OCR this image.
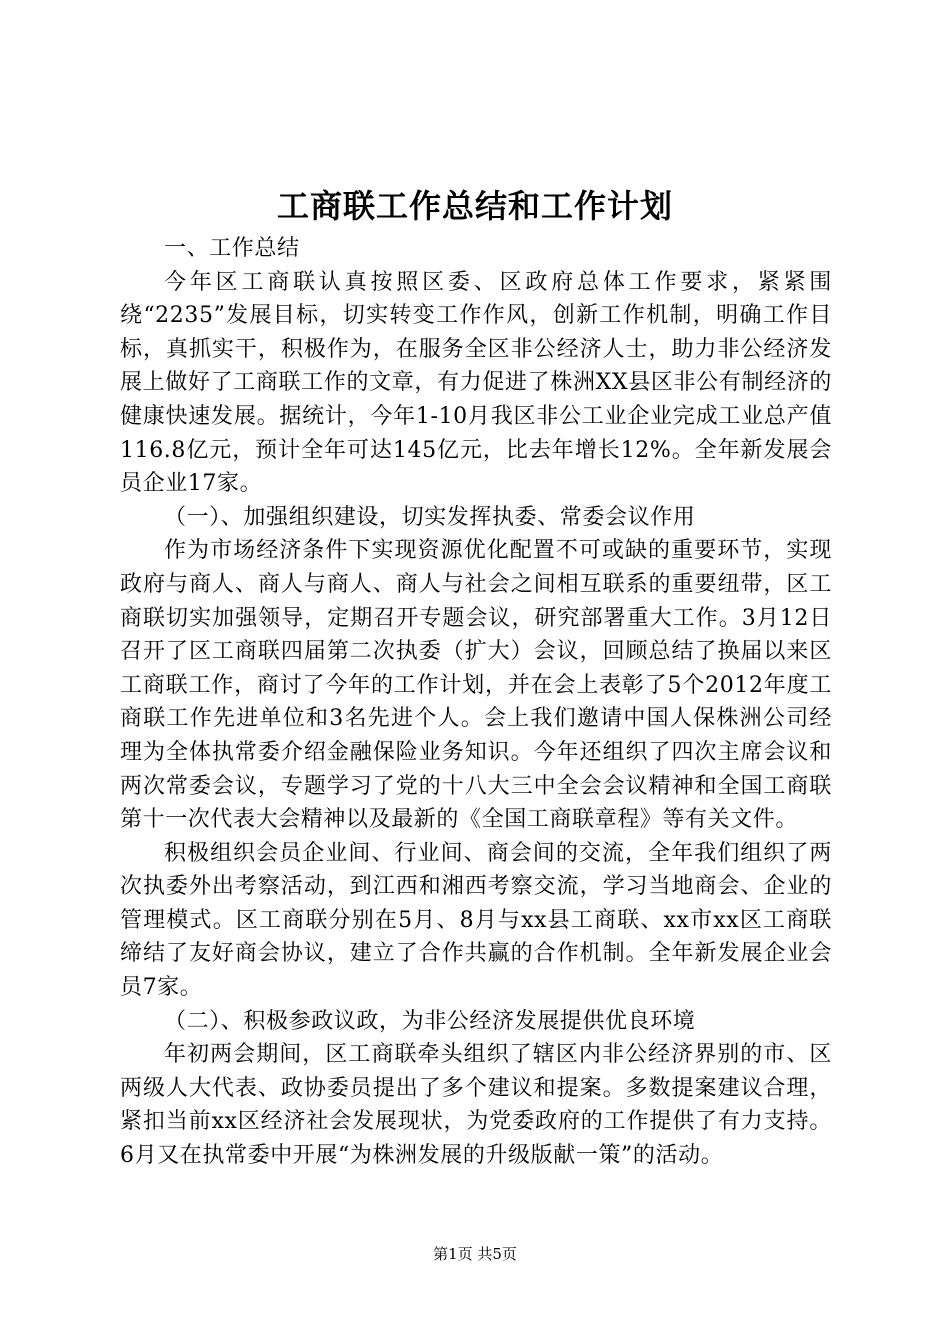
工商联工作总结和工作计划

一、工作总结

今年区工商联认真按照区委、区政府总体工作要求，紧紧围绕“2235”发展目标，切实转变工作作风，创新工作机制，明确工作目标，真抓实干，积极作为，在服务全区非公经济人士，助力非公经济发展上做好了工商联工作的文章，有力促进了株洲XX县区非公有制经济的健康快速发展。据统计，今年1-10月我区非公工业企业完成工业总产值116.8亿元，预计全年可达145亿元，比去年增长12%。全年新发展会员企业17家。

（一）、加强组织建设，切实发挥执委、常委会议作用

作为市场经济条件下实现资源优化配置不可或缺的重要环节，实现政府与商人、商人与商人、商人与社会之间相互联系的重要纽带，区工商联切实加强领导，定期召开专题会议，研究部署重大工作。3月12日召开了区工商联四届第二次执委（扩大）会议，回顾总结了换届以来区工商联工作，商讨了今年的工作计划，并在会上表彰了5个2012年度工商联工作先进单位和3名先进个人。会上我们邀请中国人保株洲公司经理为全体执常委介绍金融保险业务知识。今年还组织了四次主席会议和两次常委会议，专题学习了党的十八大三中全会会议精神和全国工商联第十一次代表大会精神以及最新的《全国工商联章程》等有关文件。

积极组织会员企业间、行业间、商会间的交流，全年我们组织了两次执委外出考察活动，到江西和湘西考察交流，学习当地商会、企业的管理模式。区工商联分别在5月、8月与xx县工商联、xx市xx区工商联缔结了友好商会协议，建立了合作共赢的合作机制。全年新发展企业会员7家。

（二）、积极参政议政，为非公经济发展提供优良环境

年初两会期间，区工商联牵头组织了辖区内非公经济界别的市、区两级人大代表、政协委员提出了多个建议和提案。多数提案建议合理，紧扣当前xx区经济社会发展现状，为党委政府的工作提供了有力支持。6月又在执常委中开展“为株洲发展的升级版献一策”的活动。

第1页 共5页
